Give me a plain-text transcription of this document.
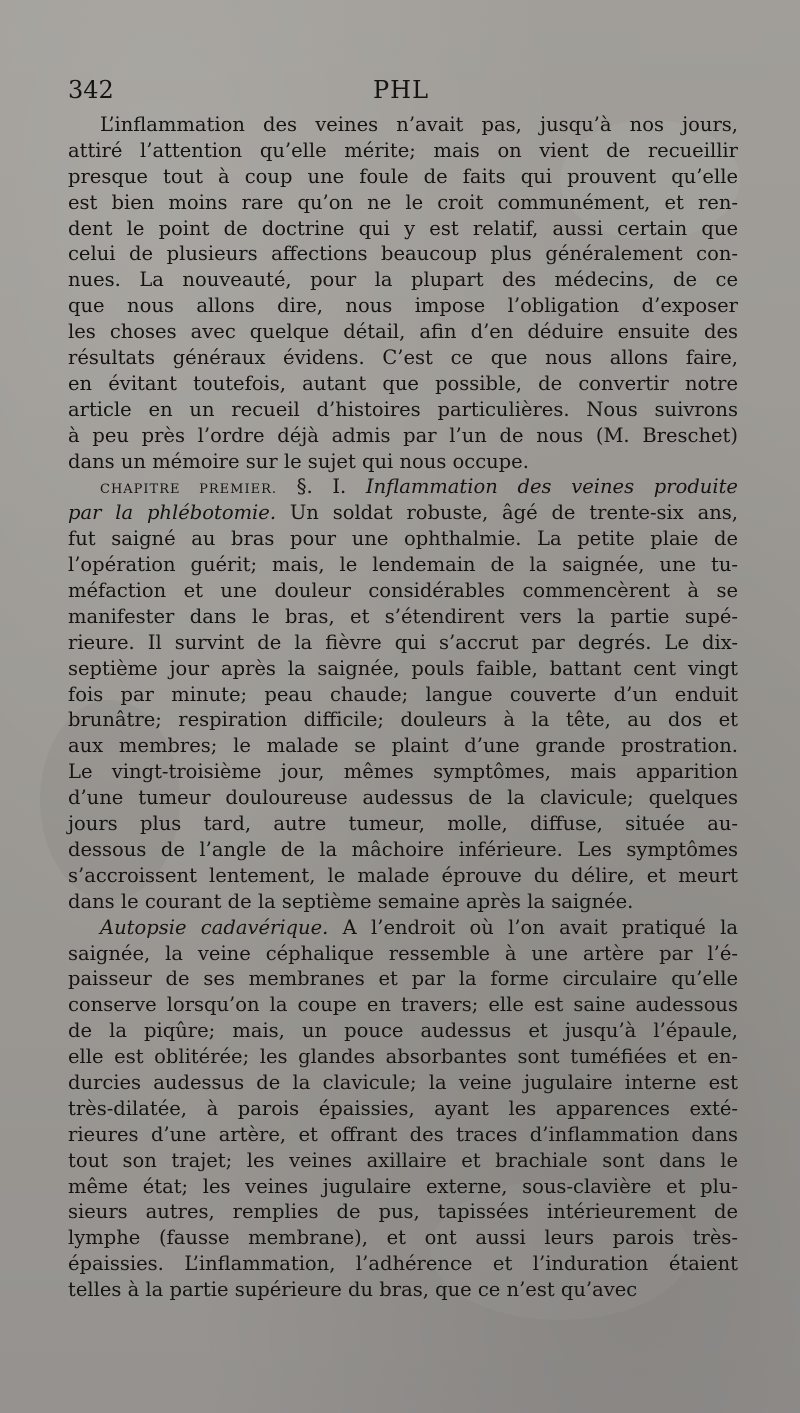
342	PHL
L’inflammation des veines n’avait pas, jusqu’à nos jours,
attiré l’attention qu’elle mérite; mais on vient de recueillir
presque tout à coup une foule de faits qui prouvent qu’elle
est bien moins rare qu’on ne le croit communément, et ren-
dent le point de doctrine qui y est relatif, aussi certain que
celui de plusieurs affections beaucoup plus généralement con-
nues. La nouveauté, pour la plupart des médecins, de ce
que nous allons dire, nous impose l’obligation d’exposer
les choses avec quelque détail, afin d’en déduire ensuite des
résultats généraux évidens. C’est ce que nous allons faire,
en évitant toutefois, autant que possible, de convertir notre
article en un recueil d’histoires particulières. Nous suivrons
à peu près l’ordre déjà admis par l’un de nous (M. Breschet)
dans un mémoire sur le sujet qui nous occupe.
CHAPITRE PREMIER. §. I. Inflammation des veines produite
par la phlébotomie. Un soldat robuste, âgé de trente-six ans,
fut saigné au bras pour une ophthalmie. La petite plaie de
l’opération guérit; mais, le lendemain de la saignée, une tu-
méfaction et une douleur considérables commencèrent à se
manifester dans le bras, et s’étendirent vers la partie supé-
rieure. Il survint de la fièvre qui s’accrut par degrés. Le dix-
septième jour après la saignée, pouls faible, battant cent vingt
fois par minute; peau chaude; langue couverte d’un enduit
brunâtre; respiration difficile; douleurs à la tête, au dos et
aux membres; le malade se plaint d’une grande prostration.
Le vingt-troisième jour, mêmes symptômes, mais apparition
d’une tumeur douloureuse audessus de la clavicule; quelques
jours plus tard, autre tumeur, molle, diffuse, située au-
dessous de l’angle de la mâchoire inférieure. Les symptômes
s’accroissent lentement, le malade éprouve du délire, et meurt
dans le courant de la septième semaine après la saignée.
Autopsie cadavérique. A l’endroit où l’on avait pratiqué la
saignée, la veine céphalique ressemble à une artère par l’é-
paisseur de ses membranes et par la forme circulaire qu’elle
conserve lorsqu’on la coupe en travers; elle est saine audessous
de la piqûre; mais, un pouce audessus et jusqu’à l’épaule,
elle est oblitérée; les glandes absorbantes sont tuméfiées et en-
durcies audessus de la clavicule; la veine jugulaire interne est
très-dilatée, à parois épaissies, ayant les apparences exté-
rieures d’une artère, et offrant des traces d’inflammation dans
tout son trajet; les veines axillaire et brachiale sont dans le
même état; les veines jugulaire externe, sous-clavière et plu-
sieurs autres, remplies de pus, tapissées intérieurement de
lymphe (fausse membrane), et ont aussi leurs parois très-
épaissies. L’inflammation, l’adhérence et l’induration étaient
telles à la partie supérieure du bras, que ce n’est qu’avec
